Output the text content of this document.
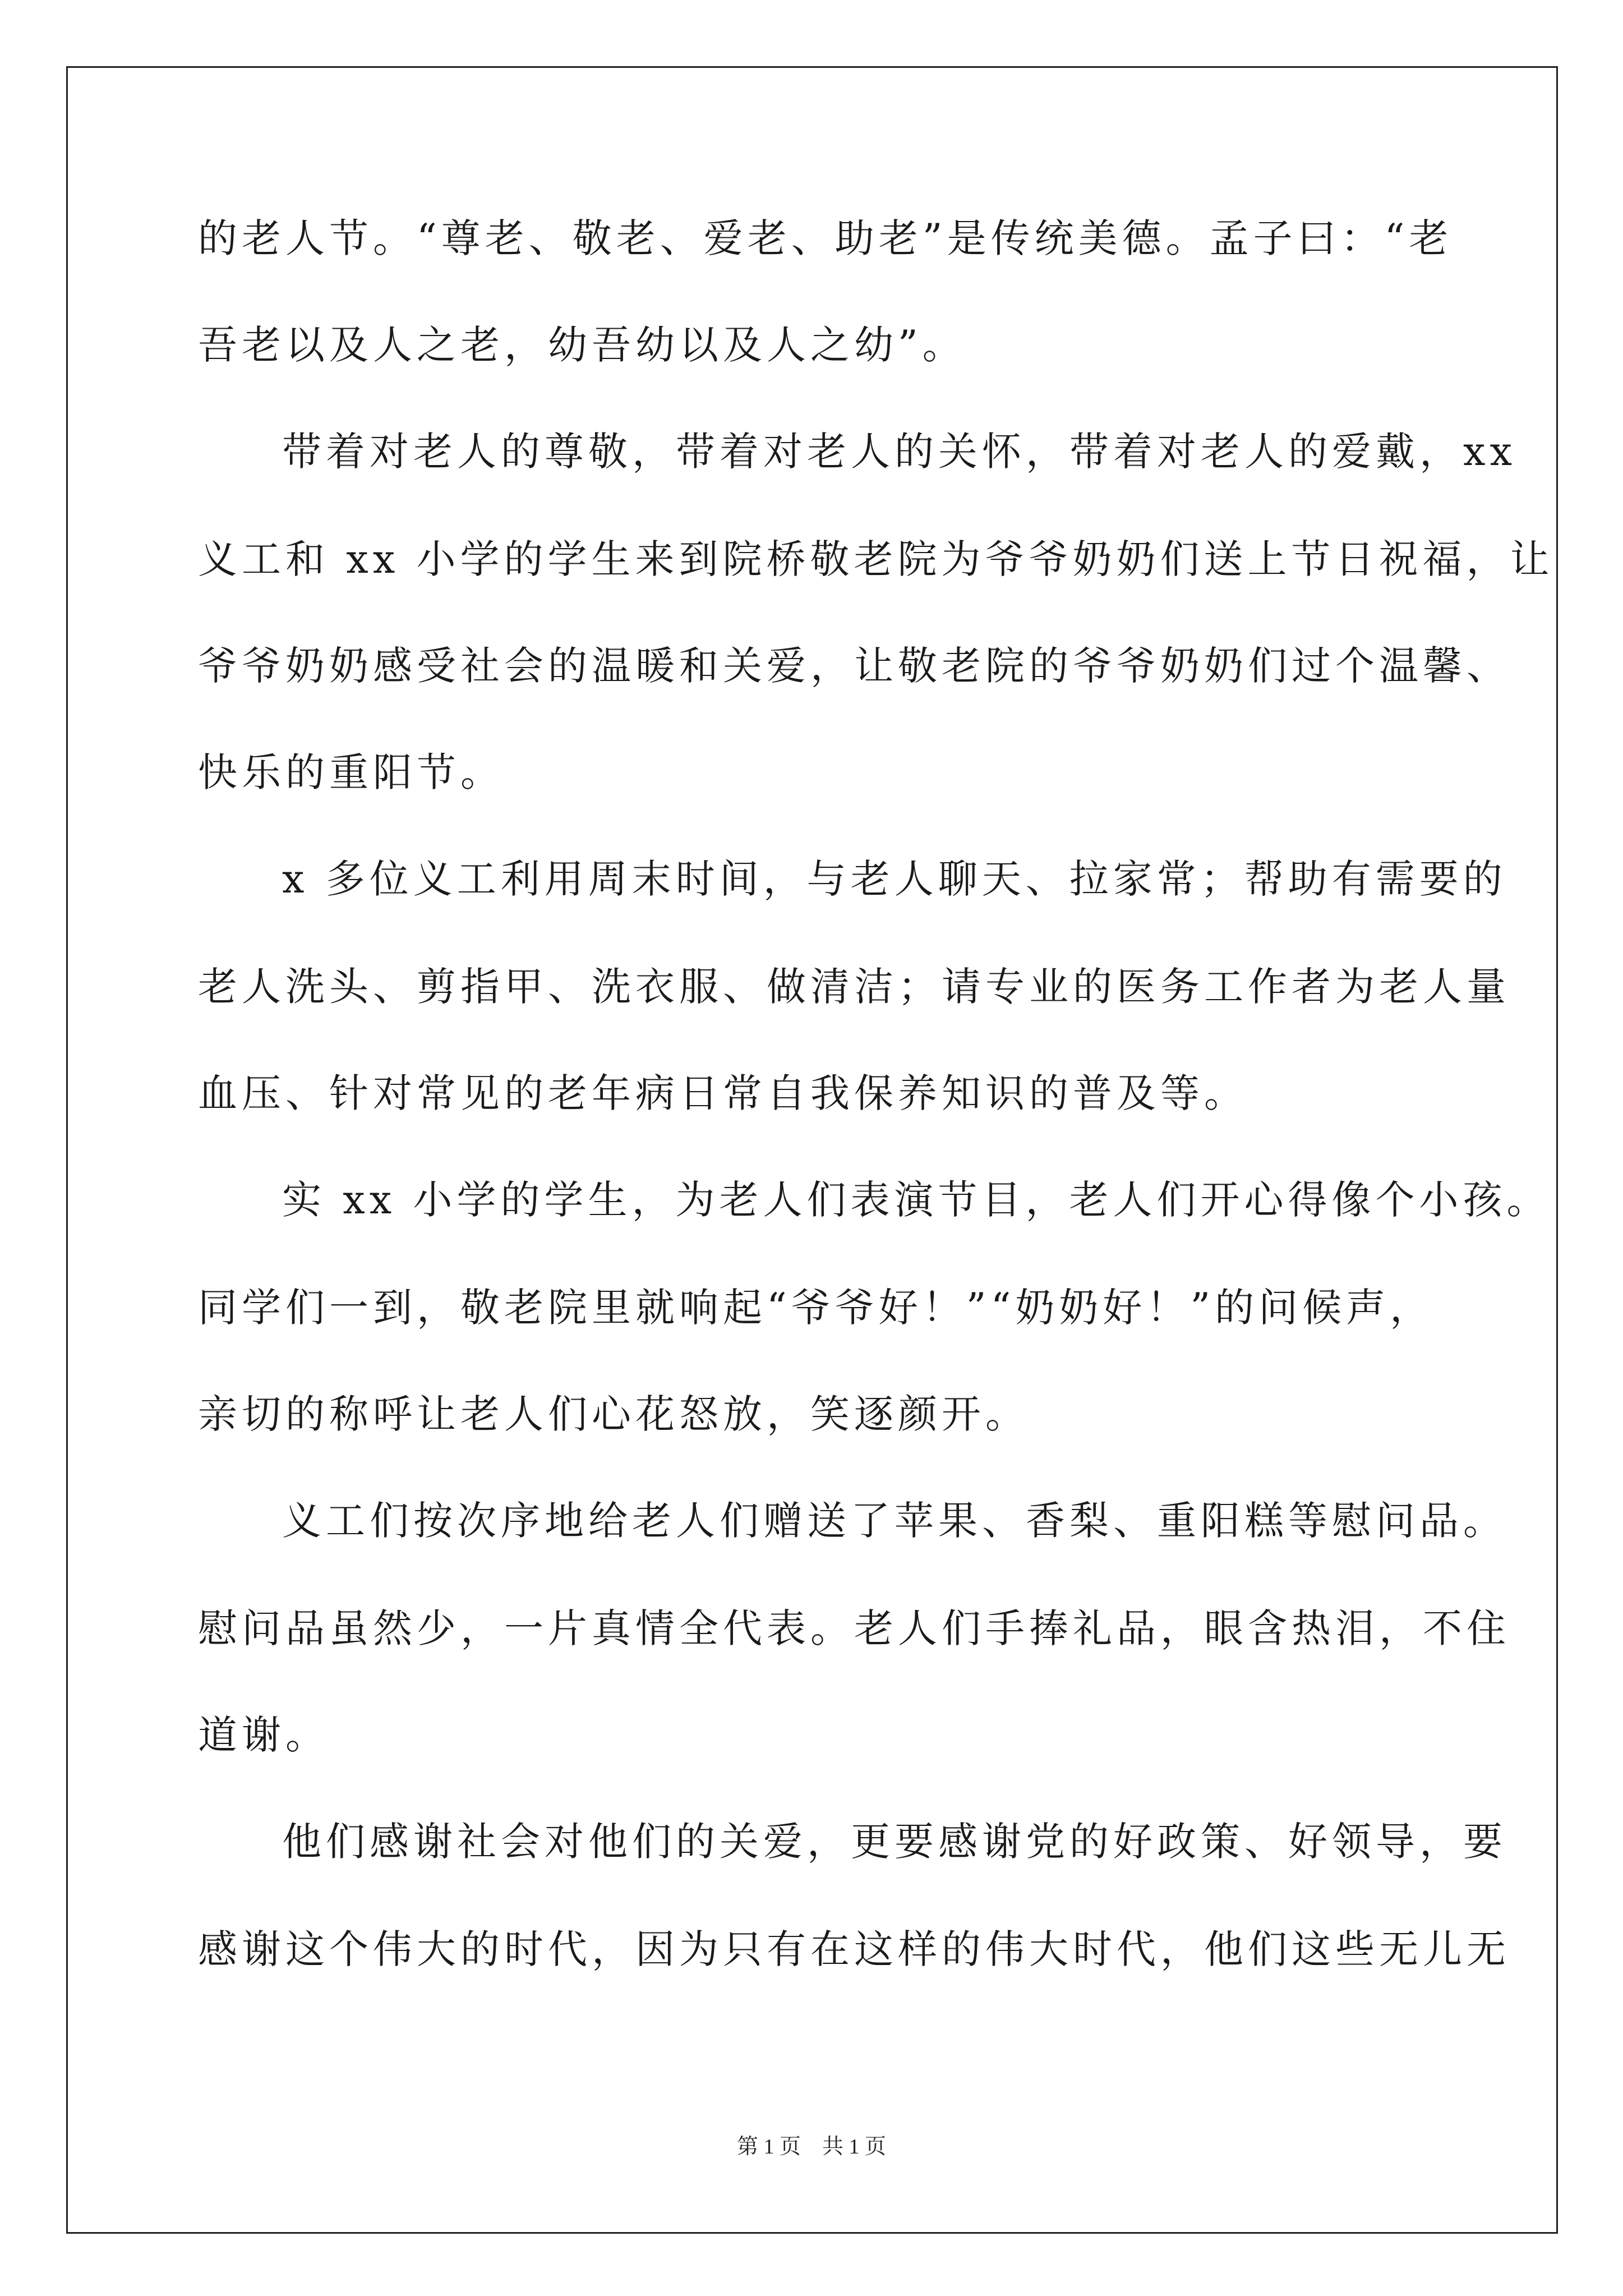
的老人节。“尊老、敬老、爱老、助老”是传统美德。孟子曰：“老
吾老以及人之老，幼吾幼以及人之幼”。
带着对老人的尊敬，带着对老人的关怀，带着对老人的爱戴，xx
义工和 xx 小学的学生来到院桥敬老院为爷爷奶奶们送上节日祝福，让
爷爷奶奶感受社会的温暖和关爱，让敬老院的爷爷奶奶们过个温馨、
快乐的重阳节。
x 多位义工利用周末时间，与老人聊天、拉家常；帮助有需要的
老人洗头、剪指甲、洗衣服、做清洁；请专业的医务工作者为老人量
血压、针对常见的老年病日常自我保养知识的普及等。
实 xx 小学的学生，为老人们表演节目，老人们开心得像个小孩。
同学们一到，敬老院里就响起“爷爷好！”“奶奶好！”的问候声，
亲切的称呼让老人们心花怒放，笑逐颜开。
义工们按次序地给老人们赠送了苹果、香梨、重阳糕等慰问品。
慰问品虽然少，一片真情全代表。老人们手捧礼品，眼含热泪，不住
道谢。
他们感谢社会对他们的关爱，更要感谢党的好政策、好领导，要
感谢这个伟大的时代，因为只有在这样的伟大时代，他们这些无儿无
第 1 页　共 1 页
